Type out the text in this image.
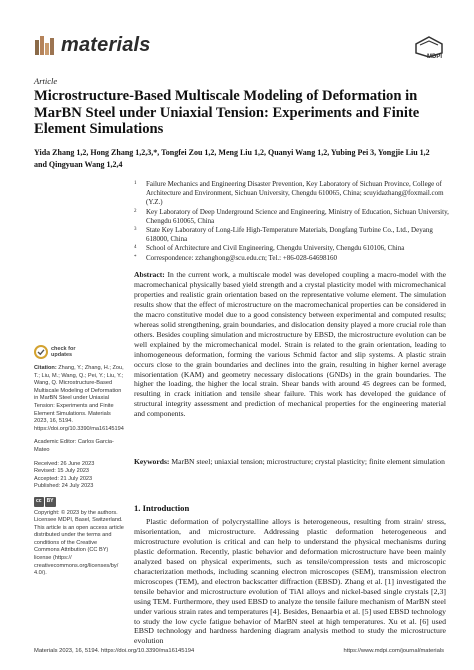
materials
MDPI
Article
Microstructure-Based Multiscale Modeling of Deformation in MarBN Steel under Uniaxial Tension: Experiments and Finite Element Simulations
Yida Zhang 1,2, Hong Zhang 1,2,3,*, Tongfei Zou 1,2, Meng Liu 1,2, Quanyi Wang 1,2, Yubing Pei 3, Yongjie Liu 1,2
and Qingyuan Wang 1,2,4
1 Failure Mechanics and Engineering Disaster Prevention, Key Laboratory of Sichuan Province, College of Architecture and Environment, Sichuan University, Chengdu 610065, China; scuyidazhang@foxmail.com (Y.Z.)
2 Key Laboratory of Deep Underground Science and Engineering, Ministry of Education, Sichuan University, Chengdu 610065, China
3 State Key Laboratory of Long-Life High-Temperature Materials, Dongfang Turbine Co., Ltd., Deyang 618000, China
4 School of Architecture and Civil Engineering, Chengdu University, Chengdu 610106, China
* Correspondence: zzhanghong@scu.edu.cn; Tel.: +86-028-64698160
Abstract: In the current work, a multiscale model was developed coupling a macro-model with the macromechanical physically based yield strength and a crystal plasticity model with micromechanical properties and realistic grain orientation based on the representative volume element. The simulation results show that the effect of microstructure on the macromechanical properties can be considered in the macro constitutive model due to a good consistency between experimental and computed results; whereas solid strengthening, grain boundaries, and dislocation density played a more crucial role than others. Besides coupling simulation and microstructure by EBSD, the microstructure evolution can be well explained by the micromechanical model. Strain is related to the grain orientation, leading to inhomogeneous deformation, forming the various Schmid factor and slip systems. A plastic strain occurs close to the grain boundaries and declines into the grain, resulting in higher kernel average misorientation (KAM) and geometry necessary dislocations (GNDs) in the grain boundaries. The higher the loading, the higher the local strain. Shear bands with around 45 degrees can be formed, resulting in crack initiation and tensile shear failure. This work has developed the guidance of structural integrity assessment and prediction of mechanical properties for the engineering material and components.
Keywords: MarBN steel; uniaxial tension; microstructure; crystal plasticity; finite element simulation
check for
updates
Citation: Zhang, Y.; Zhang, H.; Zou, T.; Liu, M.; Wang, Q.; Pei, Y.; Liu, Y.; Wang, Q. Microstructure-Based Multiscale Modeling of Deformation in MarBN Steel under Uniaxial Tension: Experiments and Finite Element Simulations. Materials 2023, 16, 5194. https://doi.org/10.3390/ma16145194
Academic Editor: Carlos Garcia-Mateo
Received: 26 June 2023
Revised: 15 July 2023
Accepted: 21 July 2023
Published: 24 July 2023
cc	BY
Copyright: © 2023 by the authors. Licensee MDPI, Basel, Switzerland. This article is an open access article distributed under the terms and conditions of the Creative Commons Attribution (CC BY) license (https:// creativecommons.org/licenses/by/ 4.0/).
1. Introduction
Plastic deformation of polycrystalline alloys is heterogeneous, resulting from strain/ stress, misorientation, and microstructure. Addressing plastic deformation heterogeneous and microstructure evolution is critical and can help to understand the physical mechanisms during plastic deformation. Recently, plastic behavior and deformation microstructure have been mainly analyzed based on physical experiments, such as tensile/compression tests and microscopic characterization methods, including scanning electron microscopes (SEM), transmission electron microscopes (TEM), and electron backscatter diffraction (EBSD). Zhang et al. [1] investigated the tensile behavior and microstructure evolution of TiAl alloys and nickel-based single crystals [2,3] using TEM. Furthermore, they used EBSD to analyze the tensile failure mechanism of MarBN steel under various strain rates and temperatures [4]. Besides, Benaarbia et al. [5] used EBSD technology to study the low cycle fatigue behavior of MarBN steel at high temperatures. Xu et al. [6] used EBSD technology and hardness hardening diagram analysis method to study the microstructure evolution
Materials 2023, 16, 5194. https://doi.org/10.3390/ma16145194	https://www.mdpi.com/journal/materials
